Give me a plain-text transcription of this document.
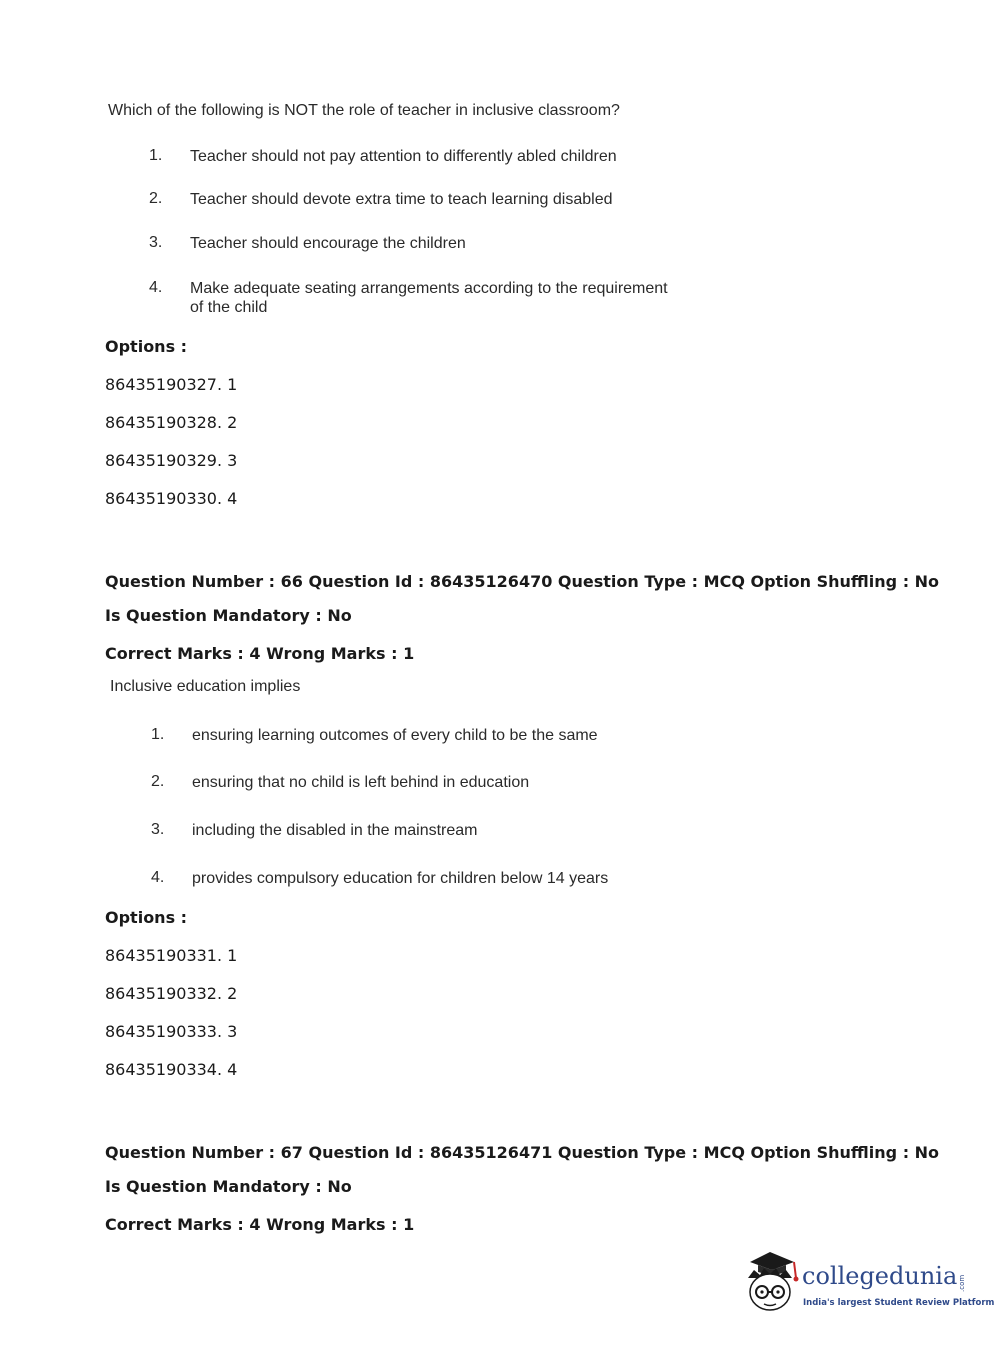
Which of the following is NOT the role of teacher in inclusive classroom?
1. Teacher should not pay attention to differently abled children
2. Teacher should devote extra time to teach learning disabled
3. Teacher should encourage the children
4. Make adequate seating arrangements according to the requirement
of the child
Options :
86435190327. 1
86435190328. 2
86435190329. 3
86435190330. 4
Question Number : 66 Question Id : 86435126470 Question Type : MCQ Option Shuffling : No
Is Question Mandatory : No
Correct Marks : 4 Wrong Marks : 1
Inclusive education implies
1. ensuring learning outcomes of every child to be the same
2. ensuring that no child is left behind in education
3. including the disabled in the mainstream
4. provides compulsory education for children below 14 years
Options :
86435190331. 1
86435190332. 2
86435190333. 3
86435190334. 4
Question Number : 67 Question Id : 86435126471 Question Type : MCQ Option Shuffling : No
Is Question Mandatory : No
Correct Marks : 4 Wrong Marks : 1
collegedunia .com
India's largest Student Review Platform
